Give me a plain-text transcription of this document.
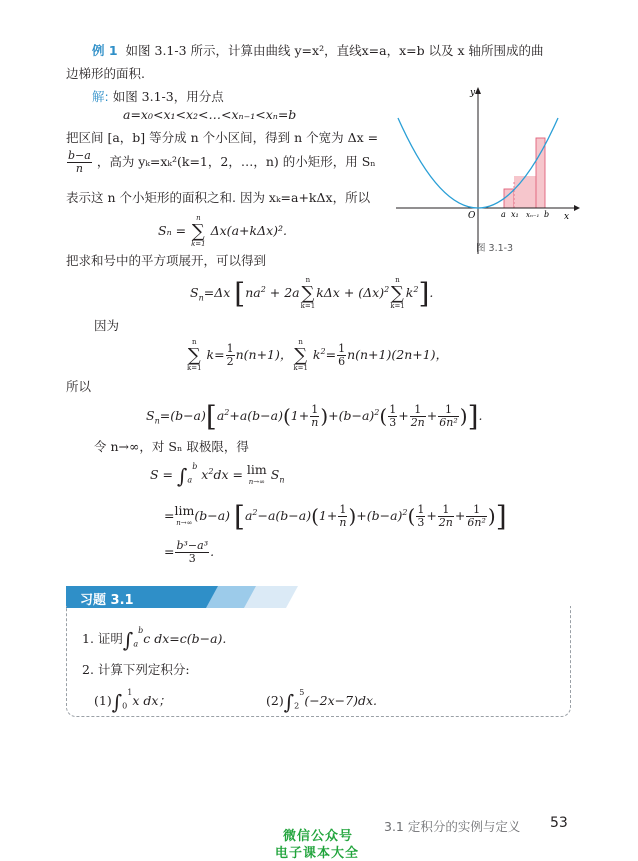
例 1 如图 3.1-3 所示，计算由曲线 y=x²，直线x=a，x=b 以及 x 轴所围成的曲
边梯形的面积.
解: 如图 3.1-3，用分点
a=x₀<x₁<x₂<…<xₙ₋₁<xₙ=b
把区间 [a，b] 等分成 n 个小区间，得到 n 个宽为 Δx =
$\frac{b-a}{n}$ ，高为 yₖ=xₖ²(k=1，2，…，n) 的小矩形，用 Sₙ
表示这 n 个小矩形的面积之和. 因为 xₖ=a+kΔx，所以
Sₙ =
n
∑
k=1
Δx(a+kΔx)².
把求和号中的平方项展开，可以得到
$S_n=\Delta x$ [$na^2 + 2a$
n
∑
k=1
$k\Delta x + (\Delta x)^2$
n
∑
k=1
$k^2$].
因为
n
∑
k=1
$k= \frac{1}{2} n(n+1)$，
n
∑
k=1
$k^2= \frac{1}{6} n(n+1)(2n+1)$，
所以
$S_n=(b-a)[a^2+a(b-a)(1+ \frac{1}{n} )+(b-a)^2( \frac{1}{3} + \frac{1}{2n} + \frac{1}{\text{6n²}}$ )].
令 n→∞，对 Sₙ 取极限，得
$S = \int_a^b$ $x^2dx = \lim$
n→∞ $S_n$
=lim
n→∞ (b−a) [$a^2-a(b-a)(1+ \frac{1}{n} )+(b-a)^2( \frac{1}{3} + \frac{1}{2n} + \frac{1}{\text{6n²}}$ )]
= $\frac{\text{b³−a³}}{3}$ .
y
x
O	a x₁ xₙ₋₁ b
图 3.1-3
习题 3.1
1. 证明$\int_a^bc$ dx=c(b−a).
2. 计算下列定积分:
$(1)\int_0^1x$ dx；	$(2)\int_2^5(-2x-7)dx$.
3.1 定积分的实例与定义 53
微信公众号
电子课本大全
